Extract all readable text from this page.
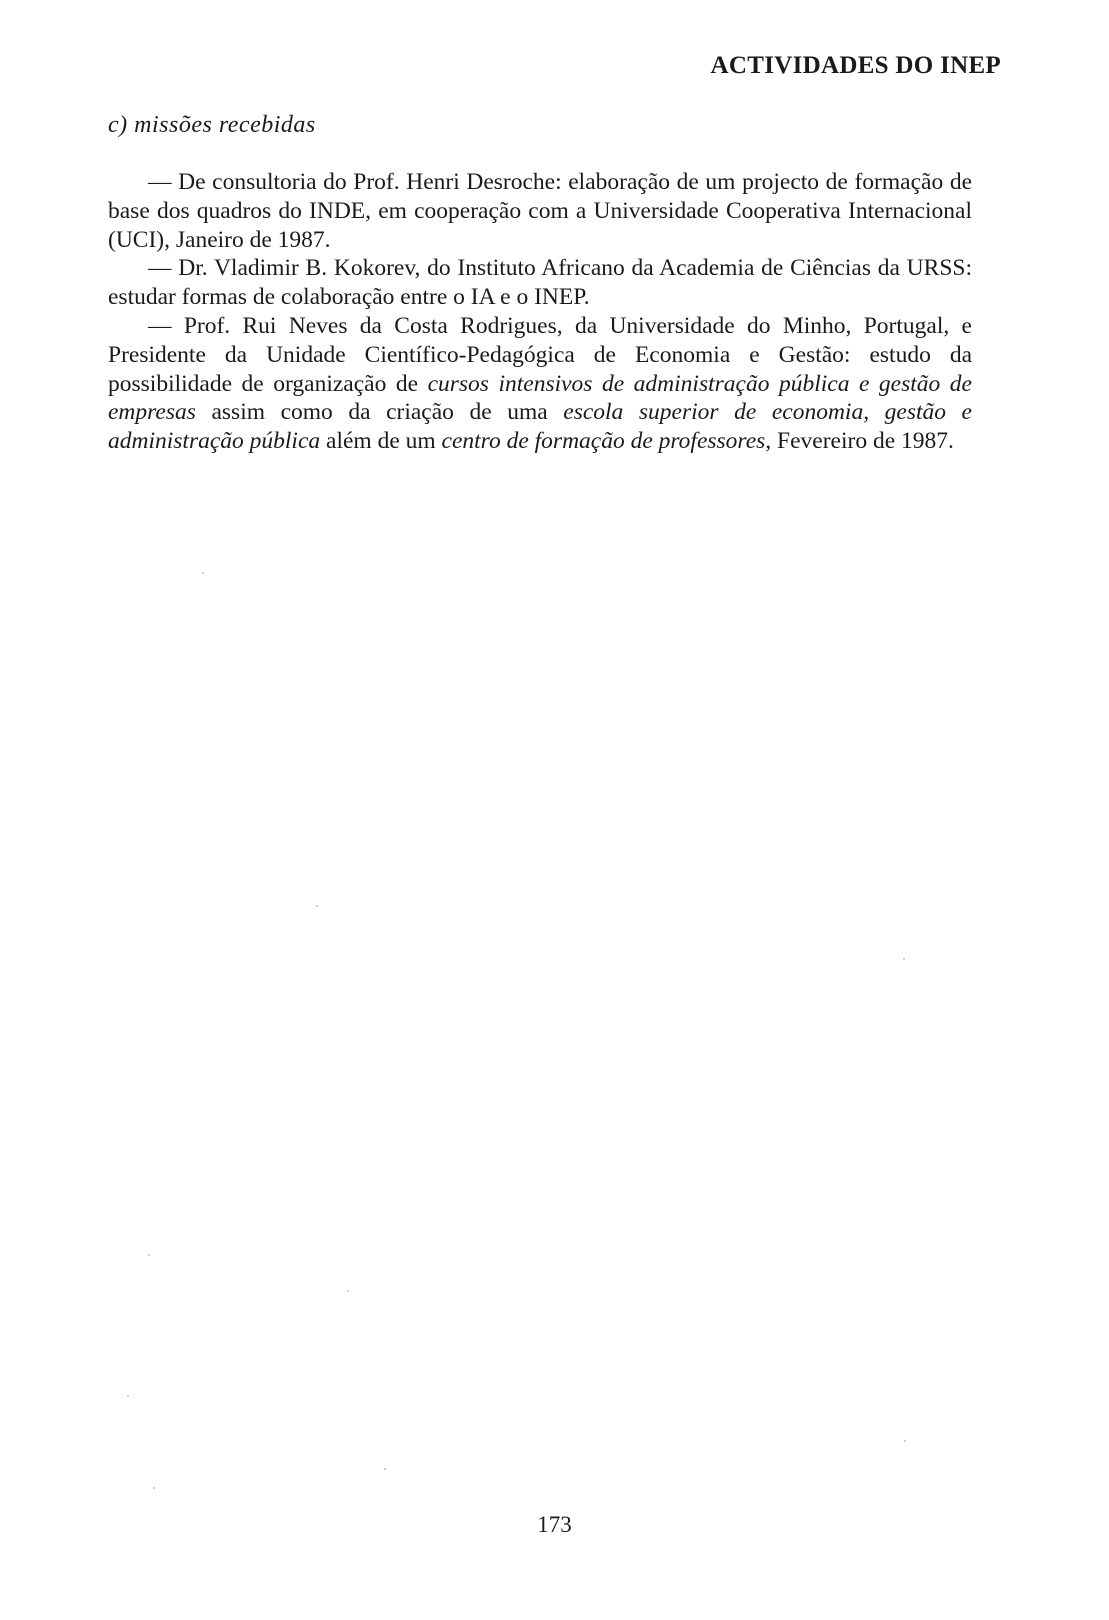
ACTIVIDADES DO INEP
c) missões recebidas

— De consultoria do Prof. Henri Desroche: elaboração de um projecto de formação de base dos quadros do INDE, em cooperação com a Universidade Cooperativa Internacional (UCI), Janeiro de 1987.

— Dr. Vladimir B. Kokorev, do Instituto Africano da Academia de Ciências da URSS: estudar formas de colaboração entre o IA e o INEP.

— Prof. Rui Neves da Costa Rodrigues, da Universidade do Minho, Portugal, e Presidente da Unidade Científico-Pedagógica de Economia e Gestão: estudo da possibilidade de organização de cursos intensivos de administração pública e gestão de empresas assim como da criação de uma escola superior de economia, gestão e administração pública além de um centro de formação de professores, Fevereiro de 1987.

173
